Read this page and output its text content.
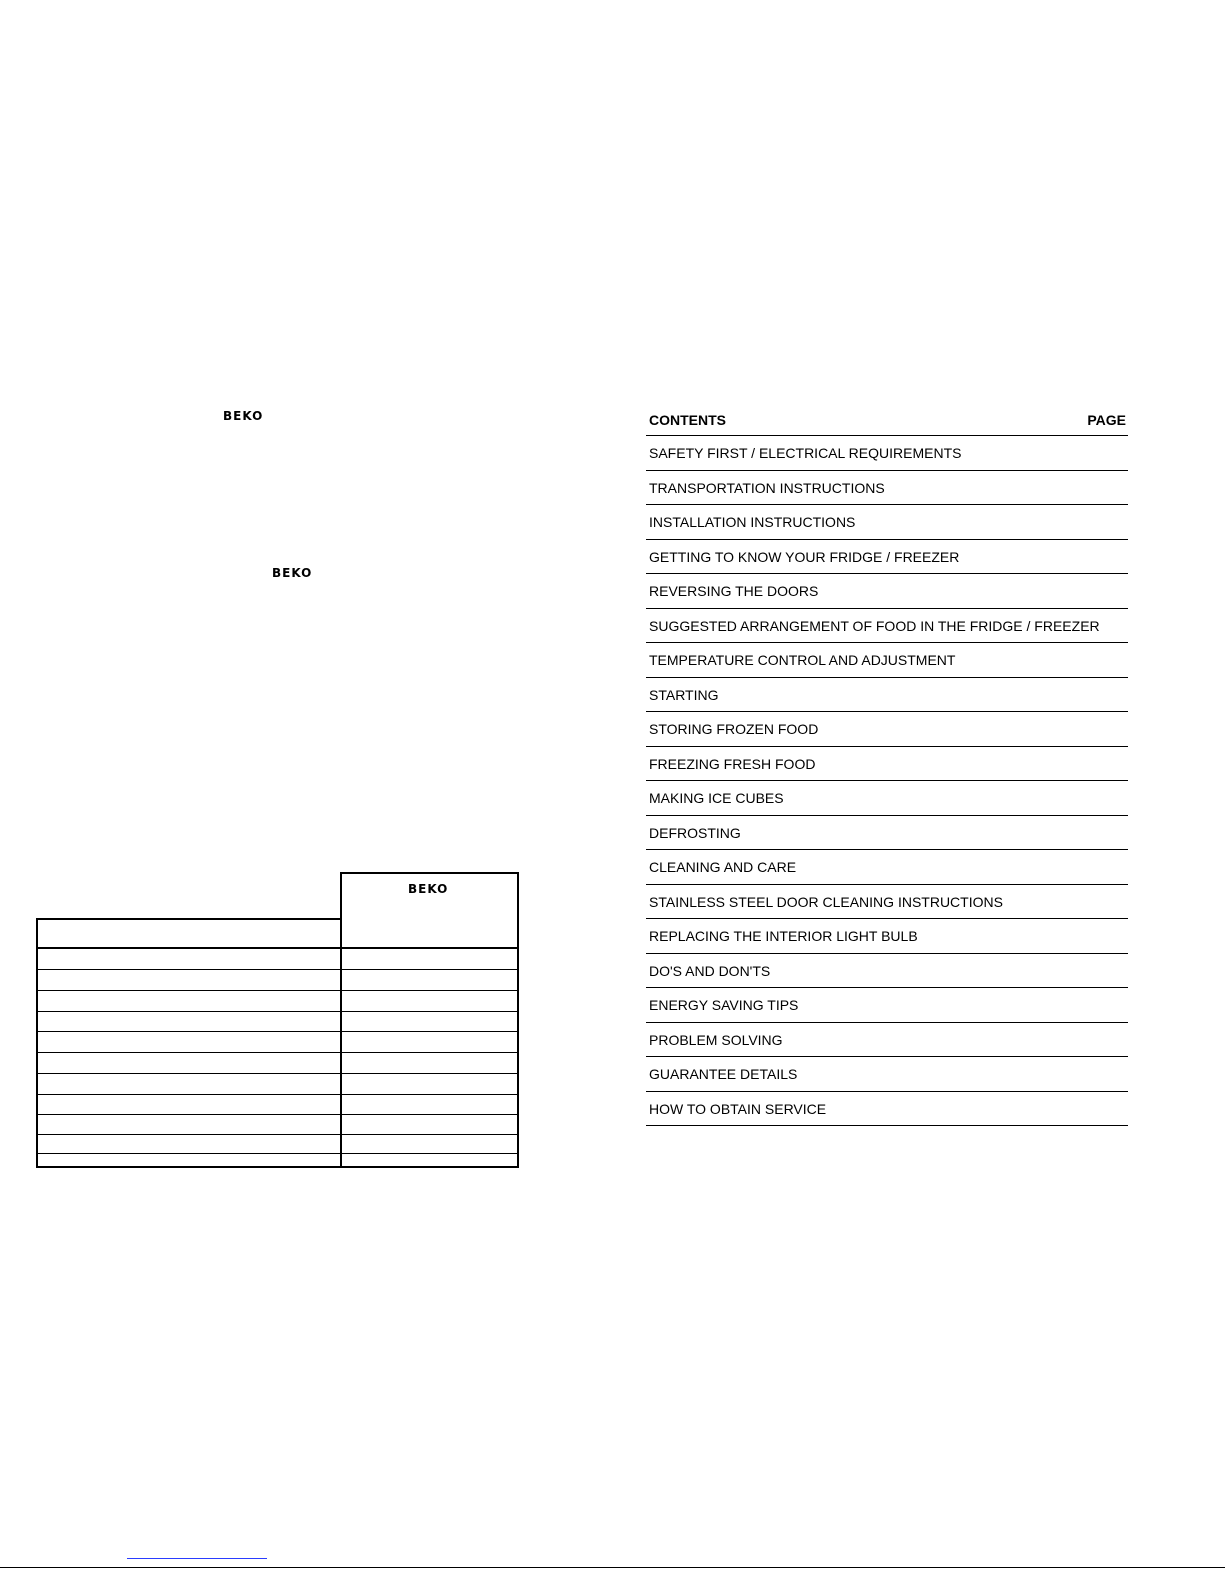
BEKO
BEKO
BEKO
CONTENTS	PAGE
SAFETY FIRST / ELECTRICAL REQUIREMENTS
TRANSPORTATION INSTRUCTIONS
INSTALLATION INSTRUCTIONS
GETTING TO KNOW YOUR FRIDGE / FREEZER
REVERSING THE DOORS
SUGGESTED ARRANGEMENT OF FOOD IN THE FRIDGE / FREEZER
TEMPERATURE CONTROL AND ADJUSTMENT
STARTING
STORING FROZEN FOOD
FREEZING FRESH FOOD
MAKING ICE CUBES
DEFROSTING
CLEANING AND CARE
STAINLESS STEEL DOOR CLEANING INSTRUCTIONS
REPLACING THE INTERIOR LIGHT BULB
DO'S AND DON'TS
ENERGY SAVING TIPS
PROBLEM SOLVING
GUARANTEE DETAILS
HOW TO OBTAIN SERVICE
